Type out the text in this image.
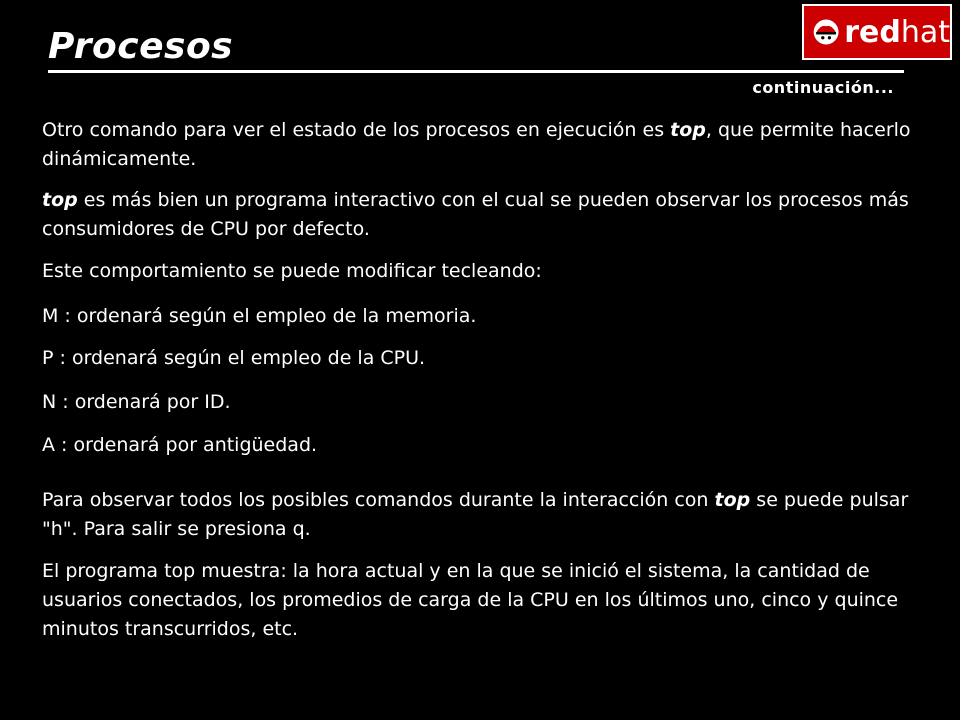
Procesos
continuación...
red hat

Otro comando para ver el estado de los procesos en ejecución es top, que permite hacerlo dinámicamente.

top es más bien un programa interactivo con el cual se pueden observar los procesos más consumidores de CPU por defecto.

Este comportamiento se puede modificar tecleando:

M : ordenará según el empleo de la memoria.

P : ordenará según el empleo de la CPU.

N : ordenará por ID.

A : ordenará por antigüedad.

Para observar todos los posibles comandos durante la interacción con top se puede pulsar "h". Para salir se presiona q.

El programa top muestra: la hora actual y en la que se inició el sistema, la cantidad de usuarios conectados, los promedios de carga de la CPU en los últimos uno, cinco y quince minutos transcurridos, etc.
